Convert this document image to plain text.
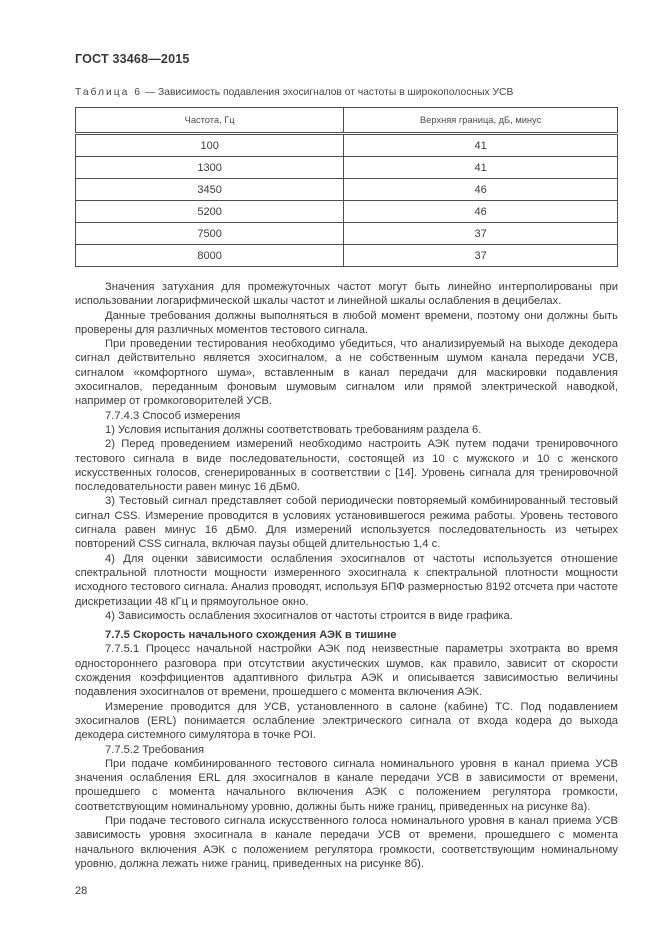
ГОСТ 33468—2015
Таблица 6 — Зависимость подавления эхосигналов от частоты в широкополосных УСВ
Частота, Гц	Верхняя граница, дБ, минус
100	41
1300	41
3450	46
5200	46
7500	37
8000	37

Значения затухания для промежуточных частот могут быть линейно интерполированы при использовании логарифмической шкалы частот и линейной шкалы ослабления в децибелах.

Данные требования должны выполняться в любой момент времени, поэтому они должны быть проверены для различных моментов тестового сигнала.

При проведении тестирования необходимо убедиться, что анализируемый на выходе декодера сигнал действительно является эхосигналом, а не собственным шумом канала передачи УСВ, сигналом «комфортного шума», вставленным в канал передачи для маскировки подавления эхосигналов, переданным фоновым шумовым сигналом или прямой электрической наводкой, например от громкоговорителей УСВ.

7.7.4.3 Способ измерения

1) Условия испытания должны соответствовать требованиям раздела 6.

2) Перед проведением измерений необходимо настроить АЭК путем подачи тренировочного тестового сигнала в виде последовательности, состоящей из 10 с мужского и 10 с женского искусственных голосов, сгенерированных в соответствии с [14]. Уровень сигнала для тренировочной последовательности равен минус 16 дБм0.

3) Тестовый сигнал представляет собой периодически повторяемый комбинированный тестовый сигнал CSS. Измерение проводится в условиях установившегося режима работы. Уровень тестового сигнала равен минус 16 дБм0. Для измерений используется последовательность из четырех повторений CSS сигнала, включая паузы общей длительностью 1,4 с.

4) Для оценки зависимости ослабления эхосигналов от частоты используется отношение спектральной плотности мощности измеренного эхосигнала к спектральной плотности мощности исходного тестового сигнала. Анализ проводят, используя БПФ размерностью 8192 отсчета при частоте дискретизации 48 кГц и прямоугольное окно.

4) Зависимость ослабления эхосигналов от частоты строится в виде графика.

7.7.5 Скорость начального схождения АЭК в тишине

7.7.5.1 Процесс начальной настройки АЭК под неизвестные параметры эхотракта во время одностороннего разговора при отсутствии акустических шумов, как правило, зависит от скорости схождения коэффициентов адаптивного фильтра АЭК и описывается зависимостью величины подавления эхосигналов от времени, прошедшего с момента включения АЭК.

Измерение проводится для УСВ, установленного в салоне (кабине) ТС. Под подавлением эхосигналов (ERL) понимается ослабление электрического сигнала от входа кодера до выхода декодера системного симулятора в точке POI.

7.7.5.2 Требования

При подаче комбинированного тестового сигнала номинального уровня в канал приема УСВ значения ослабления ERL для эхосигналов в канале передачи УСВ в зависимости от времени, прошедшего с момента начального включения АЭК с положением регулятора громкости, соответствующим номинальному уровню, должны быть ниже границ, приведенных на рисунке 8а).

При подаче тестового сигнала искусственного голоса номинального уровня в канал приема УСВ зависимость уровня эхосигнала в канале передачи УСВ от времени, прошедшего с момента начального включения АЭК с положением регулятора громкости, соответствующим номинальному уровню, должна лежать ниже границ, приведенных на рисунке 8б).

28
